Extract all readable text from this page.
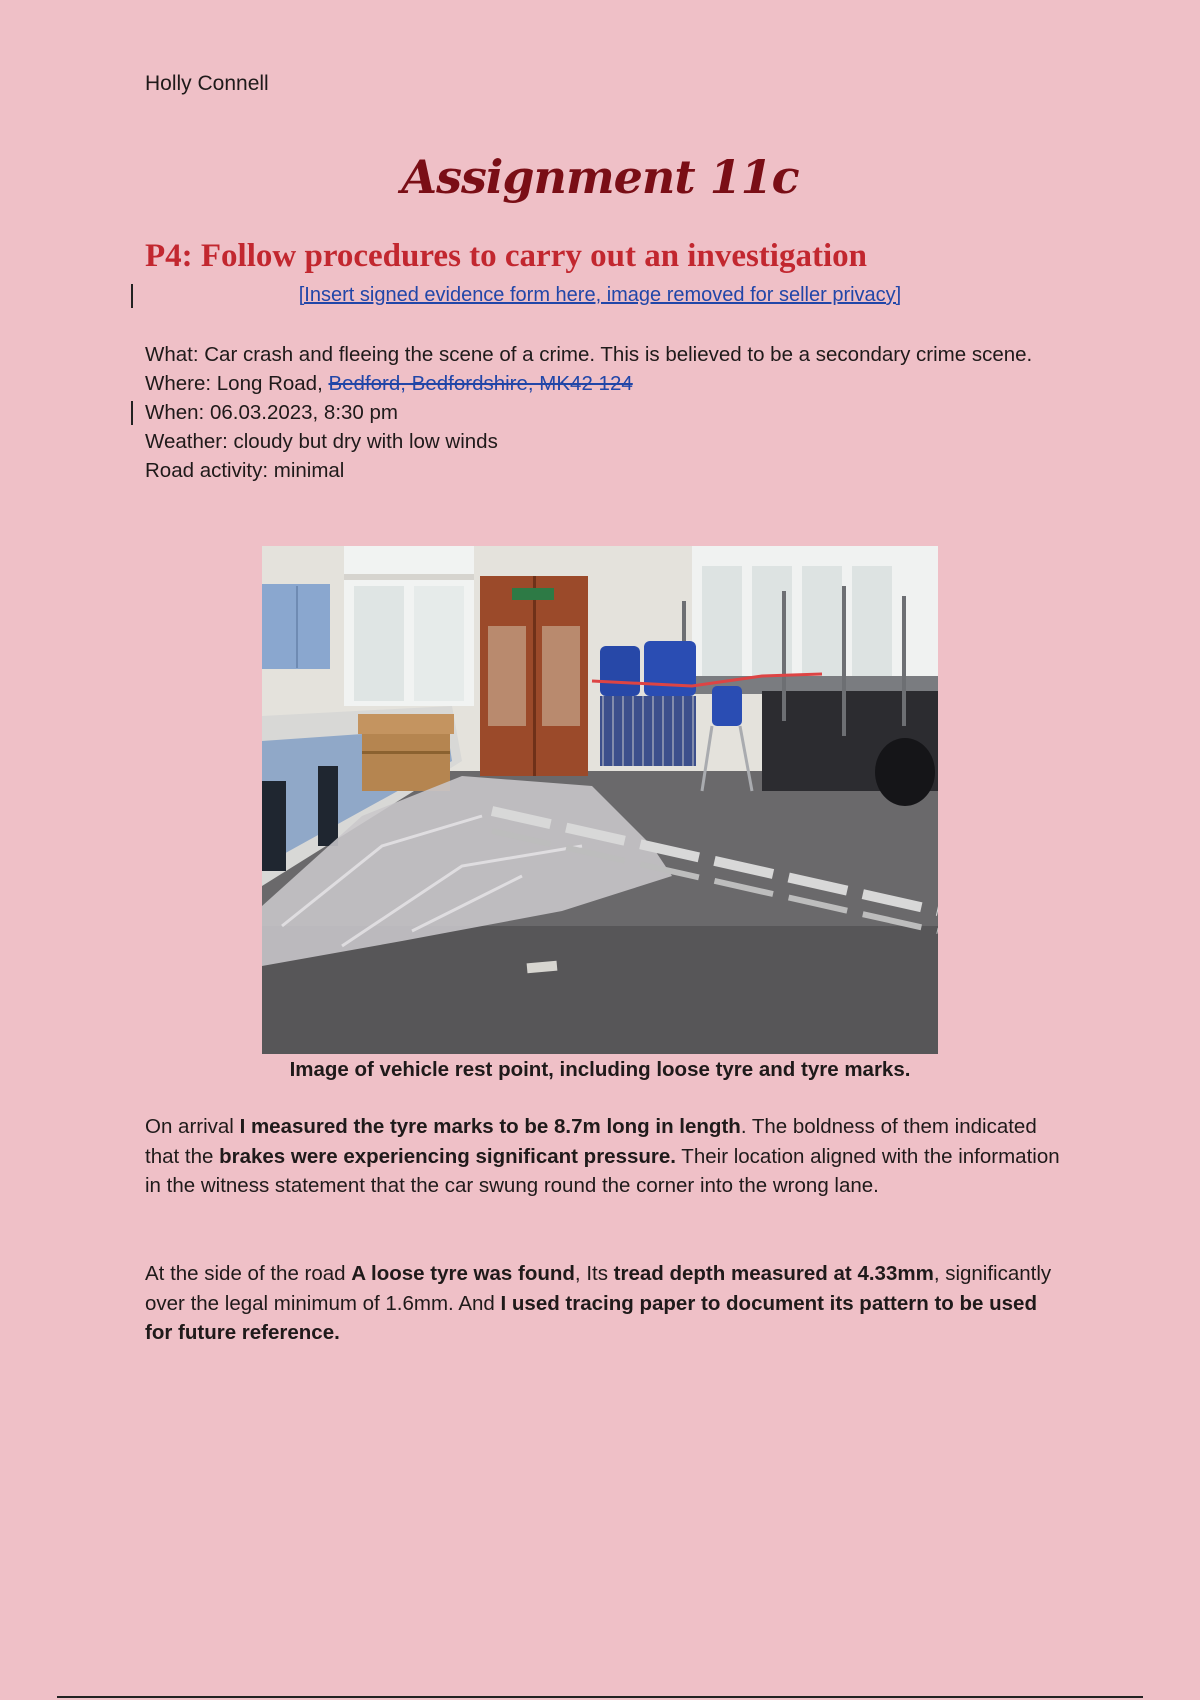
Holly Connell
Assignment 11c
P4: Follow procedures to carry out an investigation
[Insert signed evidence form here, image removed for seller privacy]

What: Car crash and fleeing the scene of a crime. This is believed to be a secondary crime scene.

Where: Long Road, Bedford, Bedfordshire, MK42 124

When: 06.03.2023, 8:30 pm

Weather: cloudy but dry with low winds

Road activity: minimal

Image of vehicle rest point, including loose tyre and tyre marks.

On arrival I measured the tyre marks to be 8.7m long in length. The boldness of them indicated that the brakes were experiencing significant pressure. Their location aligned with the information in the witness statement that the car swung round the corner into the wrong lane.

At the side of the road A loose tyre was found, Its tread depth measured at 4.33mm, significantly over the legal minimum of 1.6mm. And I used tracing paper to document its pattern to be used for future reference.
